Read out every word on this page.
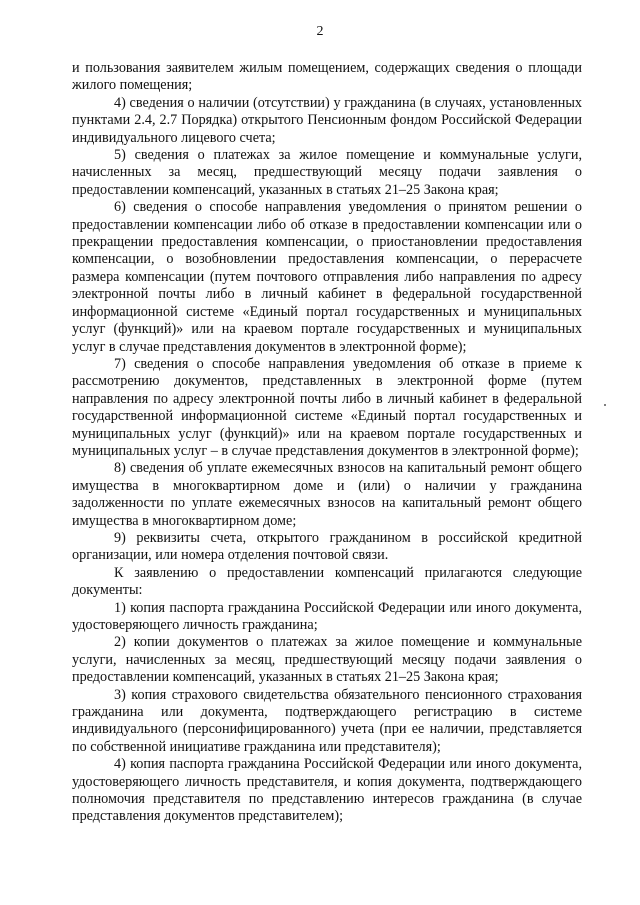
2

и пользования заявителем жилым помещением, содержащих сведения о площади жилого помещения;

4) сведения о наличии (отсутствии) у гражданина (в случаях, установленных пунктами 2.4, 2.7 Порядка) открытого Пенсионным фондом Российской Федерации индивидуального лицевого счета;

5) сведения о платежах за жилое помещение и коммунальные услуги, начисленных за месяц, предшествующий месяцу подачи заявления о предоставлении компенсаций, указанных в статьях 21–25 Закона края;

6) сведения о способе направления уведомления о принятом решении о предоставлении компенсации либо об отказе в предоставлении компенсации или о прекращении предоставления компенсации, о приостановлении предоставления компенсации, о возобновлении предоставления компенсации, о перерасчете размера компенсации (путем почтового отправления либо направления по адресу электронной почты либо в личный кабинет в федеральной государственной информационной системе «Единый портал государственных и муниципальных услуг (функций)» или на краевом портале государственных и муниципальных услуг в случае представления документов в электронной форме);

7) сведения о способе направления уведомления об отказе в приеме к рассмотрению документов, представленных в электронной форме (путем направления по адресу электронной почты либо в личный кабинет в федеральной государственной информационной системе «Единый портал государственных и муниципальных услуг (функций)» или на краевом портале государственных и муниципальных услуг – в случае представления документов в электронной форме);

8) сведения об уплате ежемесячных взносов на капитальный ремонт общего имущества в многоквартирном доме и (или) о наличии у гражданина задолженности по уплате ежемесячных взносов на капитальный ремонт общего имущества в многоквартирном доме;

9) реквизиты счета, открытого гражданином в российской кредитной организации, или номера отделения почтовой связи.

К заявлению о предоставлении компенсаций прилагаются следующие документы:

1) копия паспорта гражданина Российской Федерации или иного документа, удостоверяющего личность гражданина;

2) копии документов о платежах за жилое помещение и коммунальные услуги, начисленных за месяц, предшествующий месяцу подачи заявления о предоставлении компенсаций, указанных в статьях 21–25 Закона края;

3) копия страхового свидетельства обязательного пенсионного страхования гражданина или документа, подтверждающего регистрацию в системе индивидуального (персонифицированного) учета (при ее наличии, представляется по собственной инициативе гражданина или представителя);

4) копия паспорта гражданина Российской Федерации или иного документа, удостоверяющего личность представителя, и копия документа, подтверждающего полномочия представителя по представлению интересов гражданина (в случае представления документов представителем);
